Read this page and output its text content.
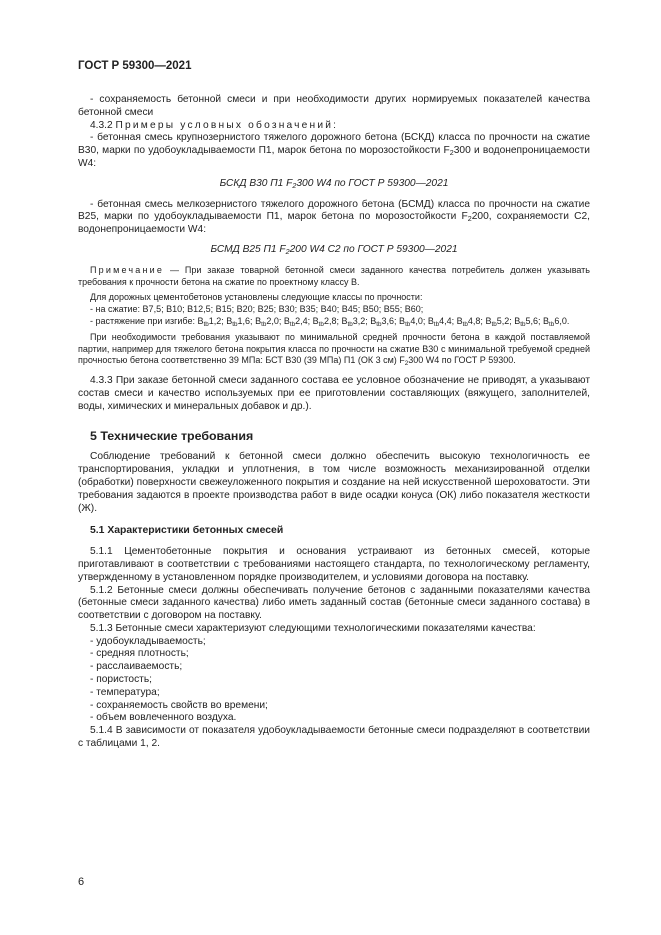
ГОСТ Р 59300—2021

- сохраняемость бетонной смеси и при необходимости других нормируемых показателей качества бетонной смеси

4.3.2 Примеры условных обозначений:

- бетонная смесь крупнозернистого тяжелого дорожного бетона (БСКД) класса по прочности на сжатие В30, марки по удобоукладываемости П1, марок бетона по морозостойкости $F_2300$ и водонепроницаемости W4:

БСКД В30 П1 $F_2300$ W4 по ГОСТ Р 59300—2021

- бетонная смесь мелкозернистого тяжелого дорожного бетона (БСМД) класса по прочности на сжатие В25, марки по удобоукладываемости П1, марок бетона по морозостойкости $F_2200$, сохраняемости С2, водонепроницаемости W4:

БСМД В25 П1 $F_2200$ W4 С2 по ГОСТ Р 59300—2021

Примечание — При заказе товарной бетонной смеси заданного качества потребитель должен указывать требования к прочности бетона на сжатие по проектному классу В.

Для дорожных цементобетонов установлены следующие классы по прочности:

- на сжатие: В7,5; В10; В12,5; В15; В20; В25; В30; В35; В40; В45; В50; В55; В60;

- растяжение при изгибе: $B_{tb}1,2$; $B_{tb}1,6$; $B_{tb}2,0$; $B_{tb}2,4$; $B_{tb}2,8$; $B_{tb}3,2$; $B_{tb}3,6$; $B_{tb}4,0$; $B_{tb}4,4$; $B_{tb}4,8$; $B_{tb}5,2$; $B_{tb}5,6$; $B_{tb}6,0$.

При необходимости требования указывают по минимальной средней прочности бетона в каждой поставляемой партии, например для тяжелого бетона покрытия класса по прочности на сжатие В30 с минимальной требуемой средней прочностью бетона соответственно 39 МПа: БСТ В30 (39 МПа) П1 (ОК 3 см) $F_2300$ W4 по ГОСТ Р 59300.

4.3.3 При заказе бетонной смеси заданного состава ее условное обозначение не приводят, а указывают состав смеси и качество используемых при ее приготовлении составляющих (вяжущего, заполнителей, воды, химических и минеральных добавок и др.).

5 Технические требования

Соблюдение требований к бетонной смеси должно обеспечить высокую технологичность ее транспортирования, укладки и уплотнения, в том числе возможность механизированной отделки (обработки) поверхности свежеуложенного покрытия и создание на ней искусственной шероховатости. Эти требования задаются в проекте производства работ в виде осадки конуса (ОК) либо показателя жесткости (Ж).

5.1 Характеристики бетонных смесей

5.1.1 Цементобетонные покрытия и основания устраивают из бетонных смесей, которые приготавливают в соответствии с требованиями настоящего стандарта, по технологическому регламенту, утвержденному в установленном порядке производителем, и условиями договора на поставку.

5.1.2 Бетонные смеси должны обеспечивать получение бетонов с заданными показателями качества (бетонные смеси заданного качества) либо иметь заданный состав (бетонные смеси заданного состава) в соответствии с договором на поставку.

5.1.3 Бетонные смеси характеризуют следующими технологическими показателями качества:

- удобоукладываемость;

- средняя плотность;

- расслаиваемость;

- пористость;

- температура;

- сохраняемость свойств во времени;

- объем вовлеченного воздуха.

5.1.4 В зависимости от показателя удобоукладываемости бетонные смеси подразделяют в соответствии с таблицами 1, 2.

6
